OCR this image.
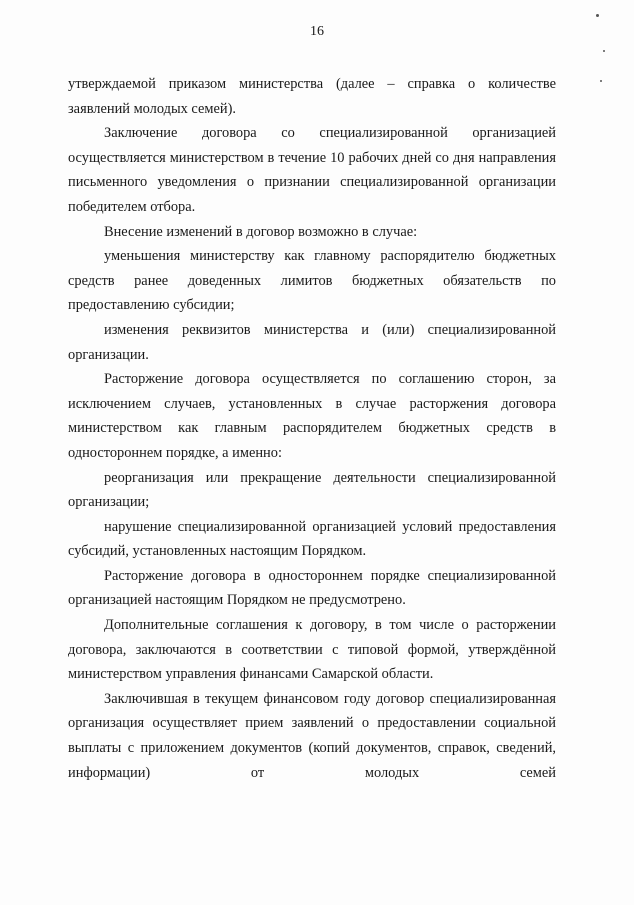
16

утверждаемой приказом министерства (далее – справка о количестве заявлений молодых семей).

Заключение договора со специализированной организацией осуществляется министерством в течение 10 рабочих дней со дня направления письменного уведомления о признании специализированной организации победителем отбора.

Внесение изменений в договор возможно в случае:

уменьшения министерству как главному распорядителю бюджетных средств ранее доведенных лимитов бюджетных обязательств по предоставлению субсидии;

изменения реквизитов министерства и (или) специализированной организации.

Расторжение договора осуществляется по соглашению сторон, за исключением случаев, установленных в случае расторжения договора министерством как главным распорядителем бюджетных средств в одностороннем порядке, а именно:

реорганизация или прекращение деятельности специализированной организации;

нарушение специализированной организацией условий предоставления субсидий, установленных настоящим Порядком.

Расторжение договора в одностороннем порядке специализированной организацией настоящим Порядком не предусмотрено.

Дополнительные соглашения к договору, в том числе о расторжении договора, заключаются в соответствии с типовой формой, утверждённой министерством управления финансами Самарской области.

Заключившая в текущем финансовом году договор специализированная организация осуществляет прием заявлений о предоставлении социальной выплаты с приложением документов (копий документов, справок, сведений, информации) от молодых семей
